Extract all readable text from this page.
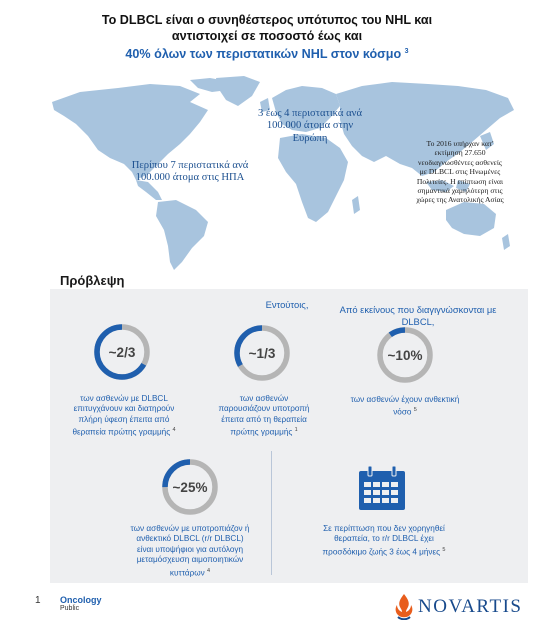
Το DLBCL είναι ο συνηθέστερος υπότυπος του NHL και
αντιστοιχεί σε ποσοστό έως και
40% όλων των περιστατικών NHL στον κόσμο $^3$
Περίπου 7 περιστατικά ανά 100.000 άτομα στις ΗΠΑ
3 έως 4 περιστατικά ανά 100.000 άτομα στην Ευρώπη	Το 2016 υπήρχαν κατ' εκτίμηση 27.650 νεοδιαγνωσθέντες ασθενείς με DLBCL στις Ηνωμένες Πολιτείες. Η επίπτωση είναι σημαντικά χαμηλότερη στις χώρες της Ανατολικής Ασίας
Πρόβλεψη
Εντούτοις,	Από εκείνους που διαγιγνώσκονται με DLBCL,
~2/3
των ασθενών με DLBCL επιτυγχάνουν και διατηρούν πλήρη ύφεση έπειτα από θεραπεία πρώτης γραμμής $^4$
~1/3
των ασθενών παρουσιάζουν υποτροπή έπειτα από τη θεραπεία πρώτης γραμμής $^1$
~10%
των ασθενών έχουν ανθεκτική νόσο $^5$
~25%
των ασθενών με υποτροπιάζον ή ανθεκτικό DLBCL (r/r DLBCL) είναι υποψήφιοι για αυτόλογη μεταμόσχευση αιμοποιητικών κυττάρων $^4$
Σε περίπτωση που δεν χορηγηθεί θεραπεία, το r/r DLBCL έχει προσδόκιμο ζωής 3 έως 4 μήνες $^5$
1 Oncology
Public	NOVARTIS
